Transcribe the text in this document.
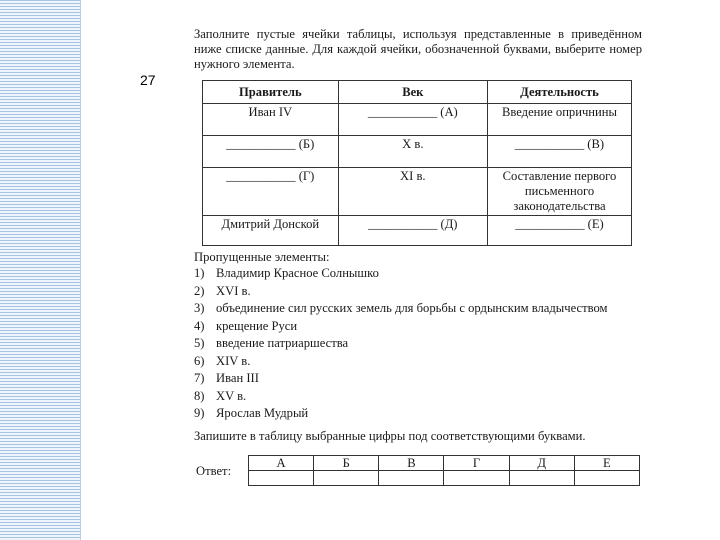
27
Заполните пустые ячейки таблицы, используя представленные в приведённом ниже списке данные. Для каждой ячейки, обозначенной буквами, выберите номер нужного элемента.
Правитель	Век	Деятельность
Иван IV	___________ (А)	Введение опричнины
___________ (Б)	X в.	___________ (В)
___________ (Г)	XI в.	Составление первого письменного законодательства
Дмитрий Донской	___________ (Д)	___________ (Е)
Пропущенные элементы:
1) Владимир Красное Солнышко
2) XVI в.
3) объединение сил русских земель для борьбы с ордынским владычеством
4) крещение Руси
5) введение патриаршества
6) XIV в.
7) Иван III
8) XV в.
9) Ярослав Мудрый
Запишите в таблицу выбранные цифры под соответствующими буквами.
Ответ:
А	Б	В	Г	Д	Е
